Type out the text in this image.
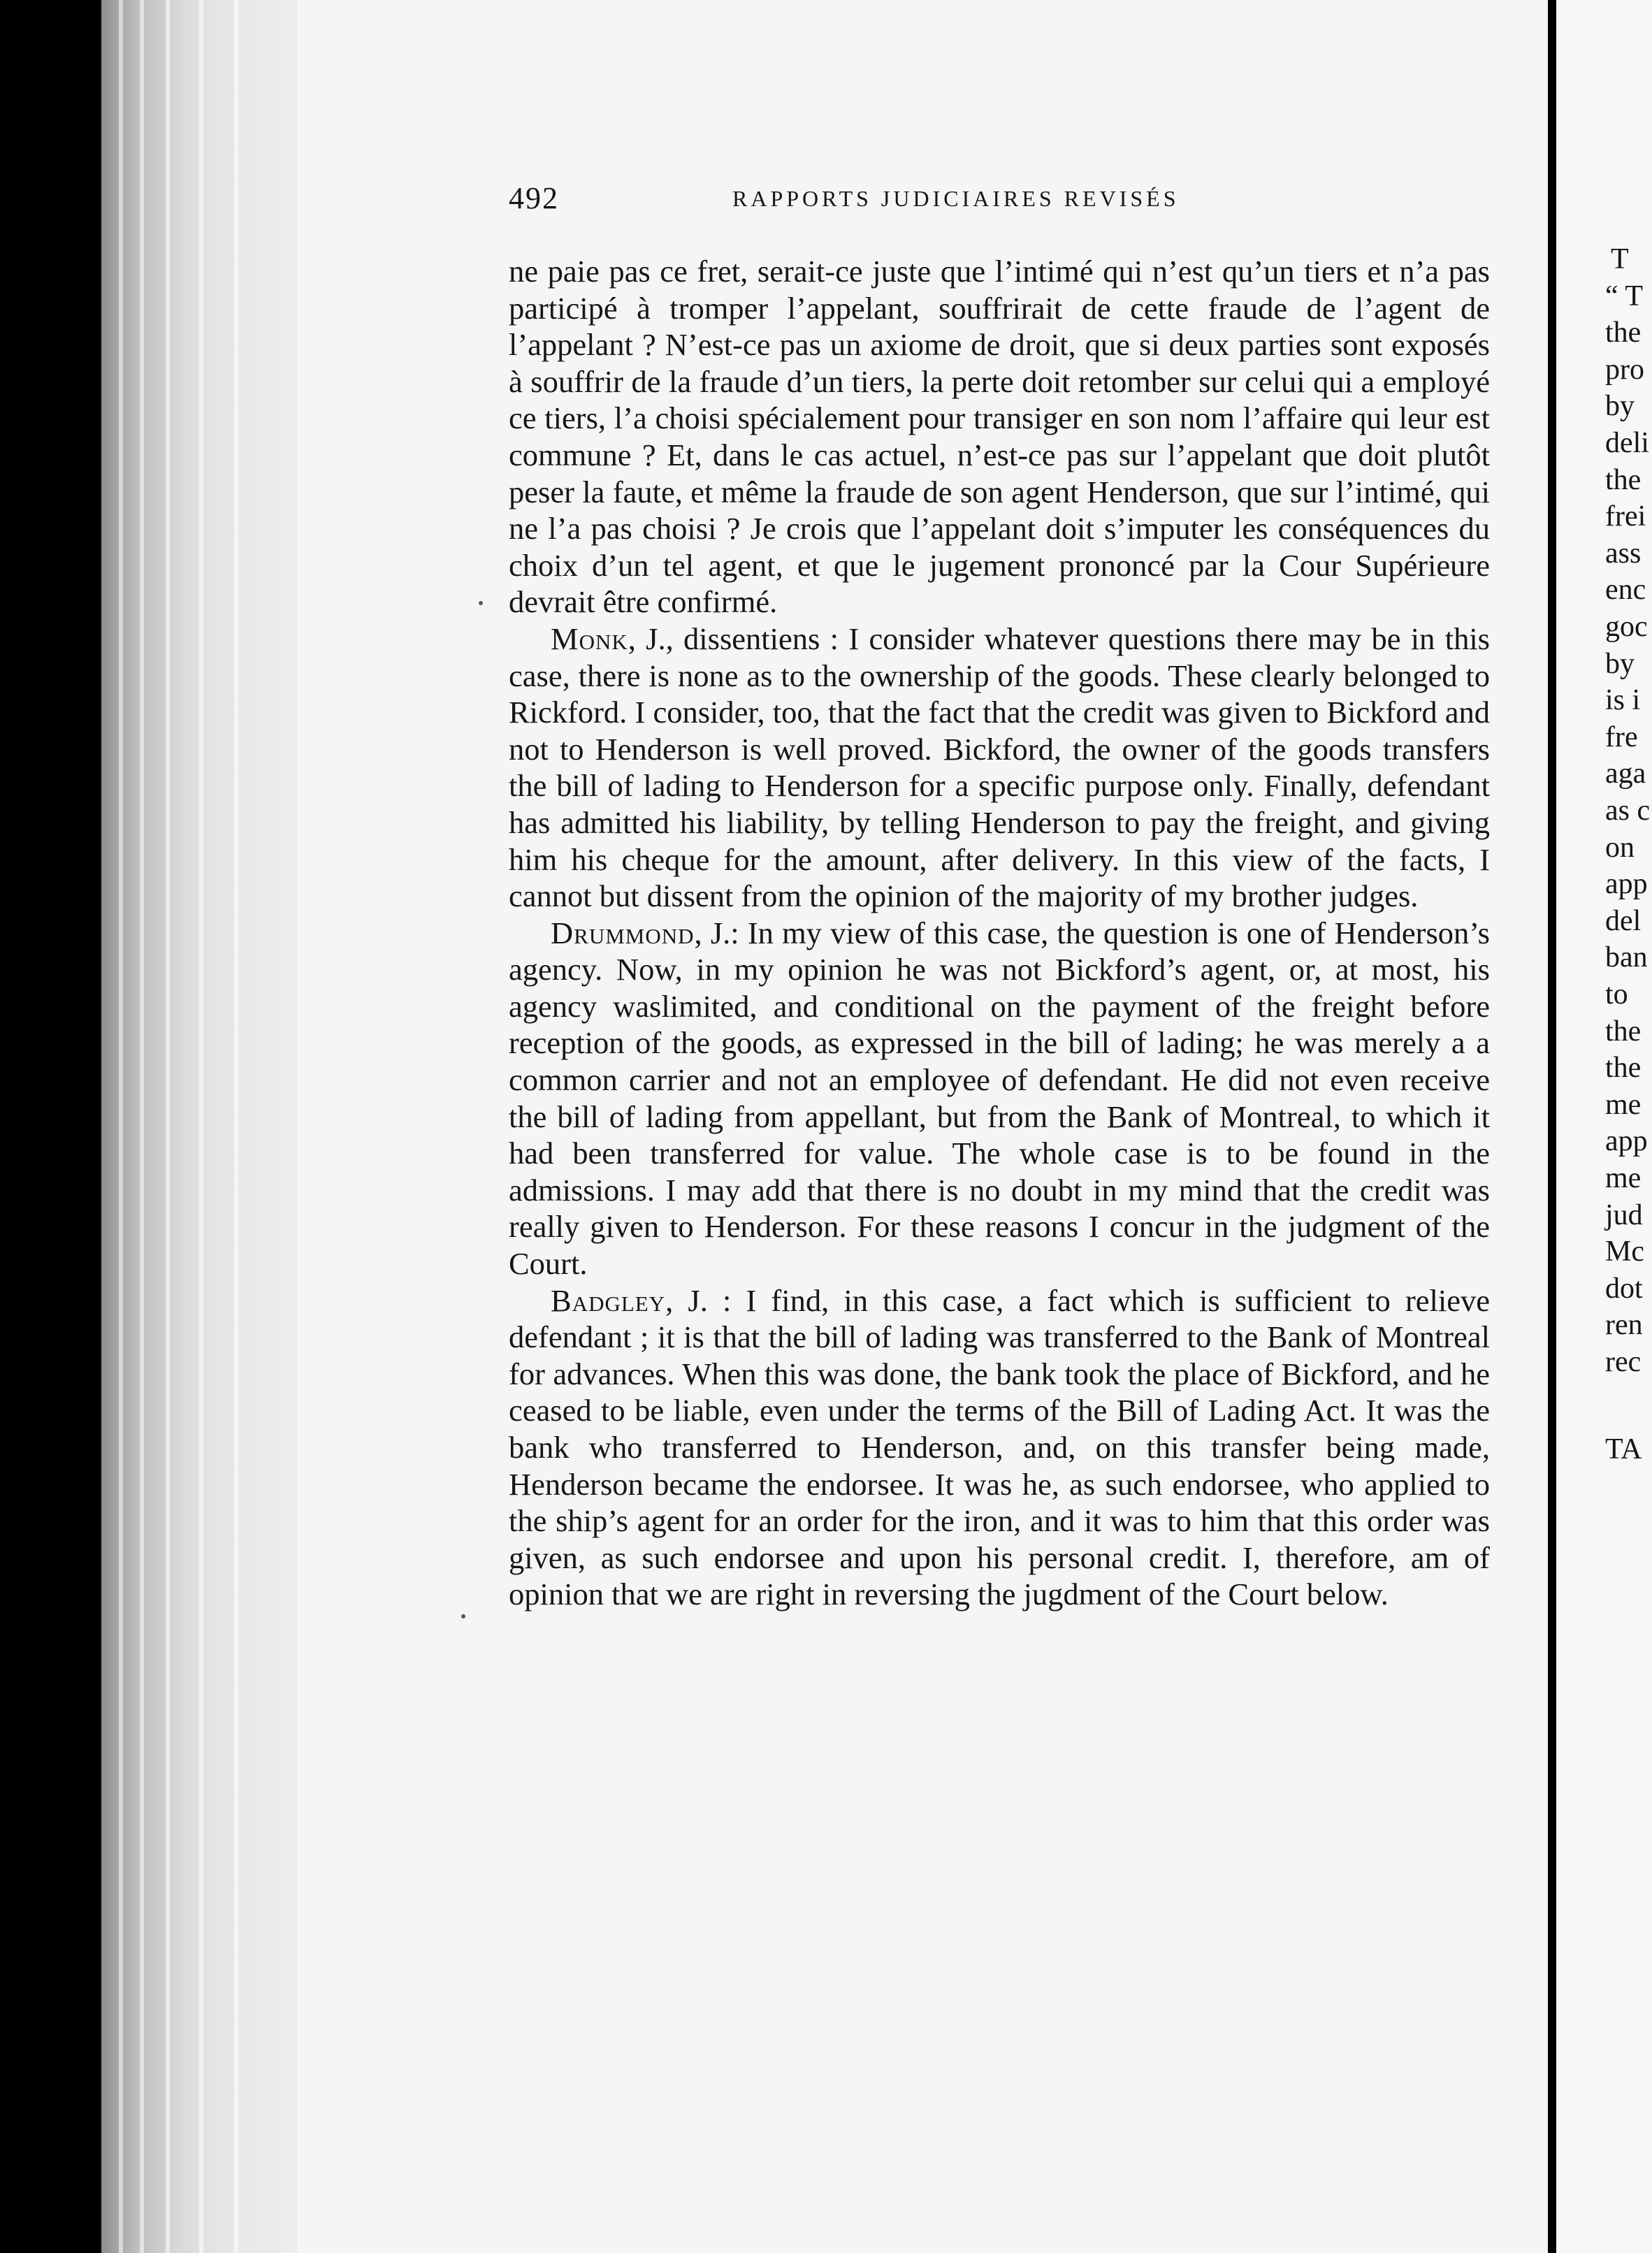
492	RAPPORTS JUDICIAIRES REVISÉS

ne paie pas ce fret, serait-ce juste que l’intimé qui n’est qu’un tiers et n’a pas participé à tromper l’appelant, souffrirait de cette fraude de l’agent de l’appelant ? N’est-ce pas un axiome de droit, que si deux parties sont exposés à souffrir de la fraude d’un tiers, la perte doit retomber sur celui qui a employé ce tiers, l’a choisi spécialement pour transiger en son nom l’affaire qui leur est commune ? Et, dans le cas actuel, n’est-ce pas sur l’appelant que doit plutôt peser la faute, et même la fraude de son agent Henderson, que sur l’intimé, qui ne l’a pas choisi ? Je crois que l’appelant doit s’imputer les conséquences du choix d’un tel agent, et que le jugement prononcé par la Cour Supérieure devrait être confirmé.

Monk, J., dissentiens : I consider whatever questions there may be in this case, there is none as to the ownership of the goods. These clearly belonged to Rickford. I consider, too, that the fact that the credit was given to Bickford and not to Henderson is well proved. Bickford, the owner of the goods transfers the bill of lading to Henderson for a specific purpose only. Finally, defendant has admitted his liability, by telling Henderson to pay the freight, and giving him his cheque for the amount, after delivery. In this view of the facts, I cannot but dissent from the opinion of the majority of my brother judges.

Drummond, J.: In my view of this case, the question is one of Henderson’s agency. Now, in my opinion he was not Bickford’s agent, or, at most, his agency waslimited, and conditional on the payment of the freight before reception of the goods, as expressed in the bill of lading; he was merely a a common carrier and not an employee of defendant. He did not even receive the bill of lading from appellant, but from the Bank of Montreal, to which it had been transferred for value. The whole case is to be found in the admissions. I may add that there is no doubt in my mind that the credit was really given to Henderson. For these reasons I concur in the judgment of the Court.

Badgley, J. : I find, in this case, a fact which is sufficient to relieve defendant ; it is that the bill of lading was transferred to the Bank of Montreal for advances. When this was done, the bank took the place of Bickford, and he ceased to be liable, even under the terms of the Bill of Lading Act. It was the bank who transferred to Henderson, and, on this transfer being made, Henderson became the endorsee. It was he, as such endorsee, who applied to the ship’s agent for an order for the iron, and it was to him that this order was given, as such endorsee and upon his personal credit. I, therefore, am of opinion that we are right in reversing the jugdment of the Court below.

T
“ T
the
pro
by
deli
the
frei
ass
enc
goc
by
is i
fre
aga
as c
on
app
del
ban
to
the
the
me
app
me
jud
Mc
dot
ren
rec
TA
